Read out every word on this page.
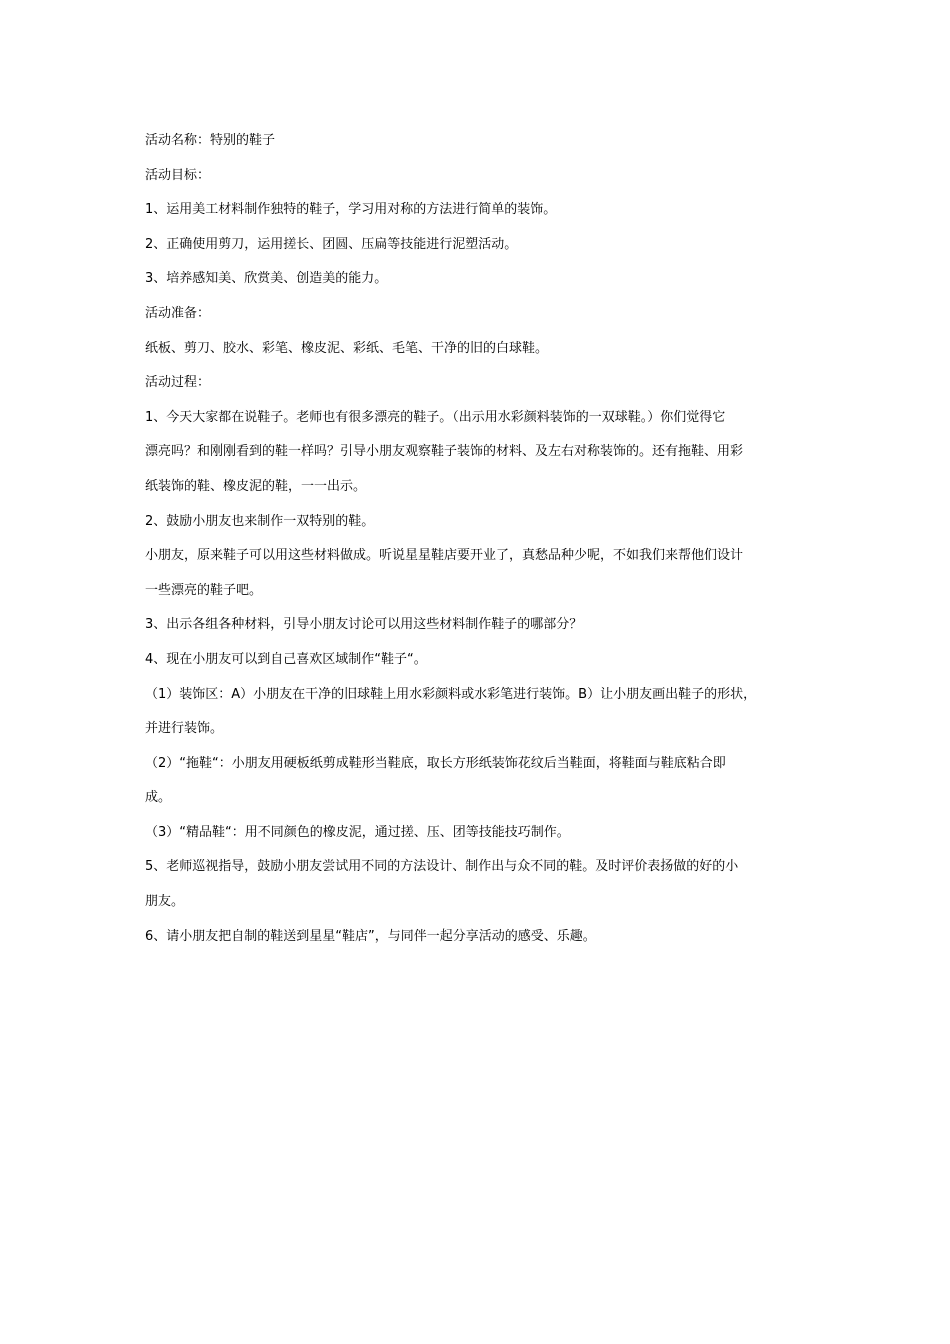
活动名称：特别的鞋子
活动目标：
1、运用美工材料制作独特的鞋子，学习用对称的方法进行简单的装饰。
2、正确使用剪刀，运用搓长、团圆、压扁等技能进行泥塑活动。
3、培养感知美、欣赏美、创造美的能力。
活动准备：
纸板、剪刀、胶水、彩笔、橡皮泥、彩纸、毛笔、干净的旧的白球鞋。
活动过程：
1、今天大家都在说鞋子。老师也有很多漂亮的鞋子。（出示用水彩颜料装饰的一双球鞋。）你们觉得它
漂亮吗？和刚刚看到的鞋一样吗？引导小朋友观察鞋子装饰的材料、及左右对称装饰的。还有拖鞋、用彩
纸装饰的鞋、橡皮泥的鞋，一一出示。
2、鼓励小朋友也来制作一双特别的鞋。
小朋友，原来鞋子可以用这些材料做成。听说星星鞋店要开业了，真愁品种少呢，不如我们来帮他们设计
一些漂亮的鞋子吧。
3、出示各组各种材料，引导小朋友讨论可以用这些材料制作鞋子的哪部分？
4、现在小朋友可以到自己喜欢区域制作“鞋子“。
（1）装饰区：A）小朋友在干净的旧球鞋上用水彩颜料或水彩笔进行装饰。B）让小朋友画出鞋子的形状，
并进行装饰。
（2）“拖鞋“：小朋友用硬板纸剪成鞋形当鞋底，取长方形纸装饰花纹后当鞋面，将鞋面与鞋底粘合即
成。
（3）“精品鞋“：用不同颜色的橡皮泥，通过搓、压、团等技能技巧制作。
5、老师巡视指导，鼓励小朋友尝试用不同的方法设计、制作出与众不同的鞋。及时评价表扬做的好的小
朋友。
6、请小朋友把自制的鞋送到星星“鞋店”，与同伴一起分享活动的感受、乐趣。
